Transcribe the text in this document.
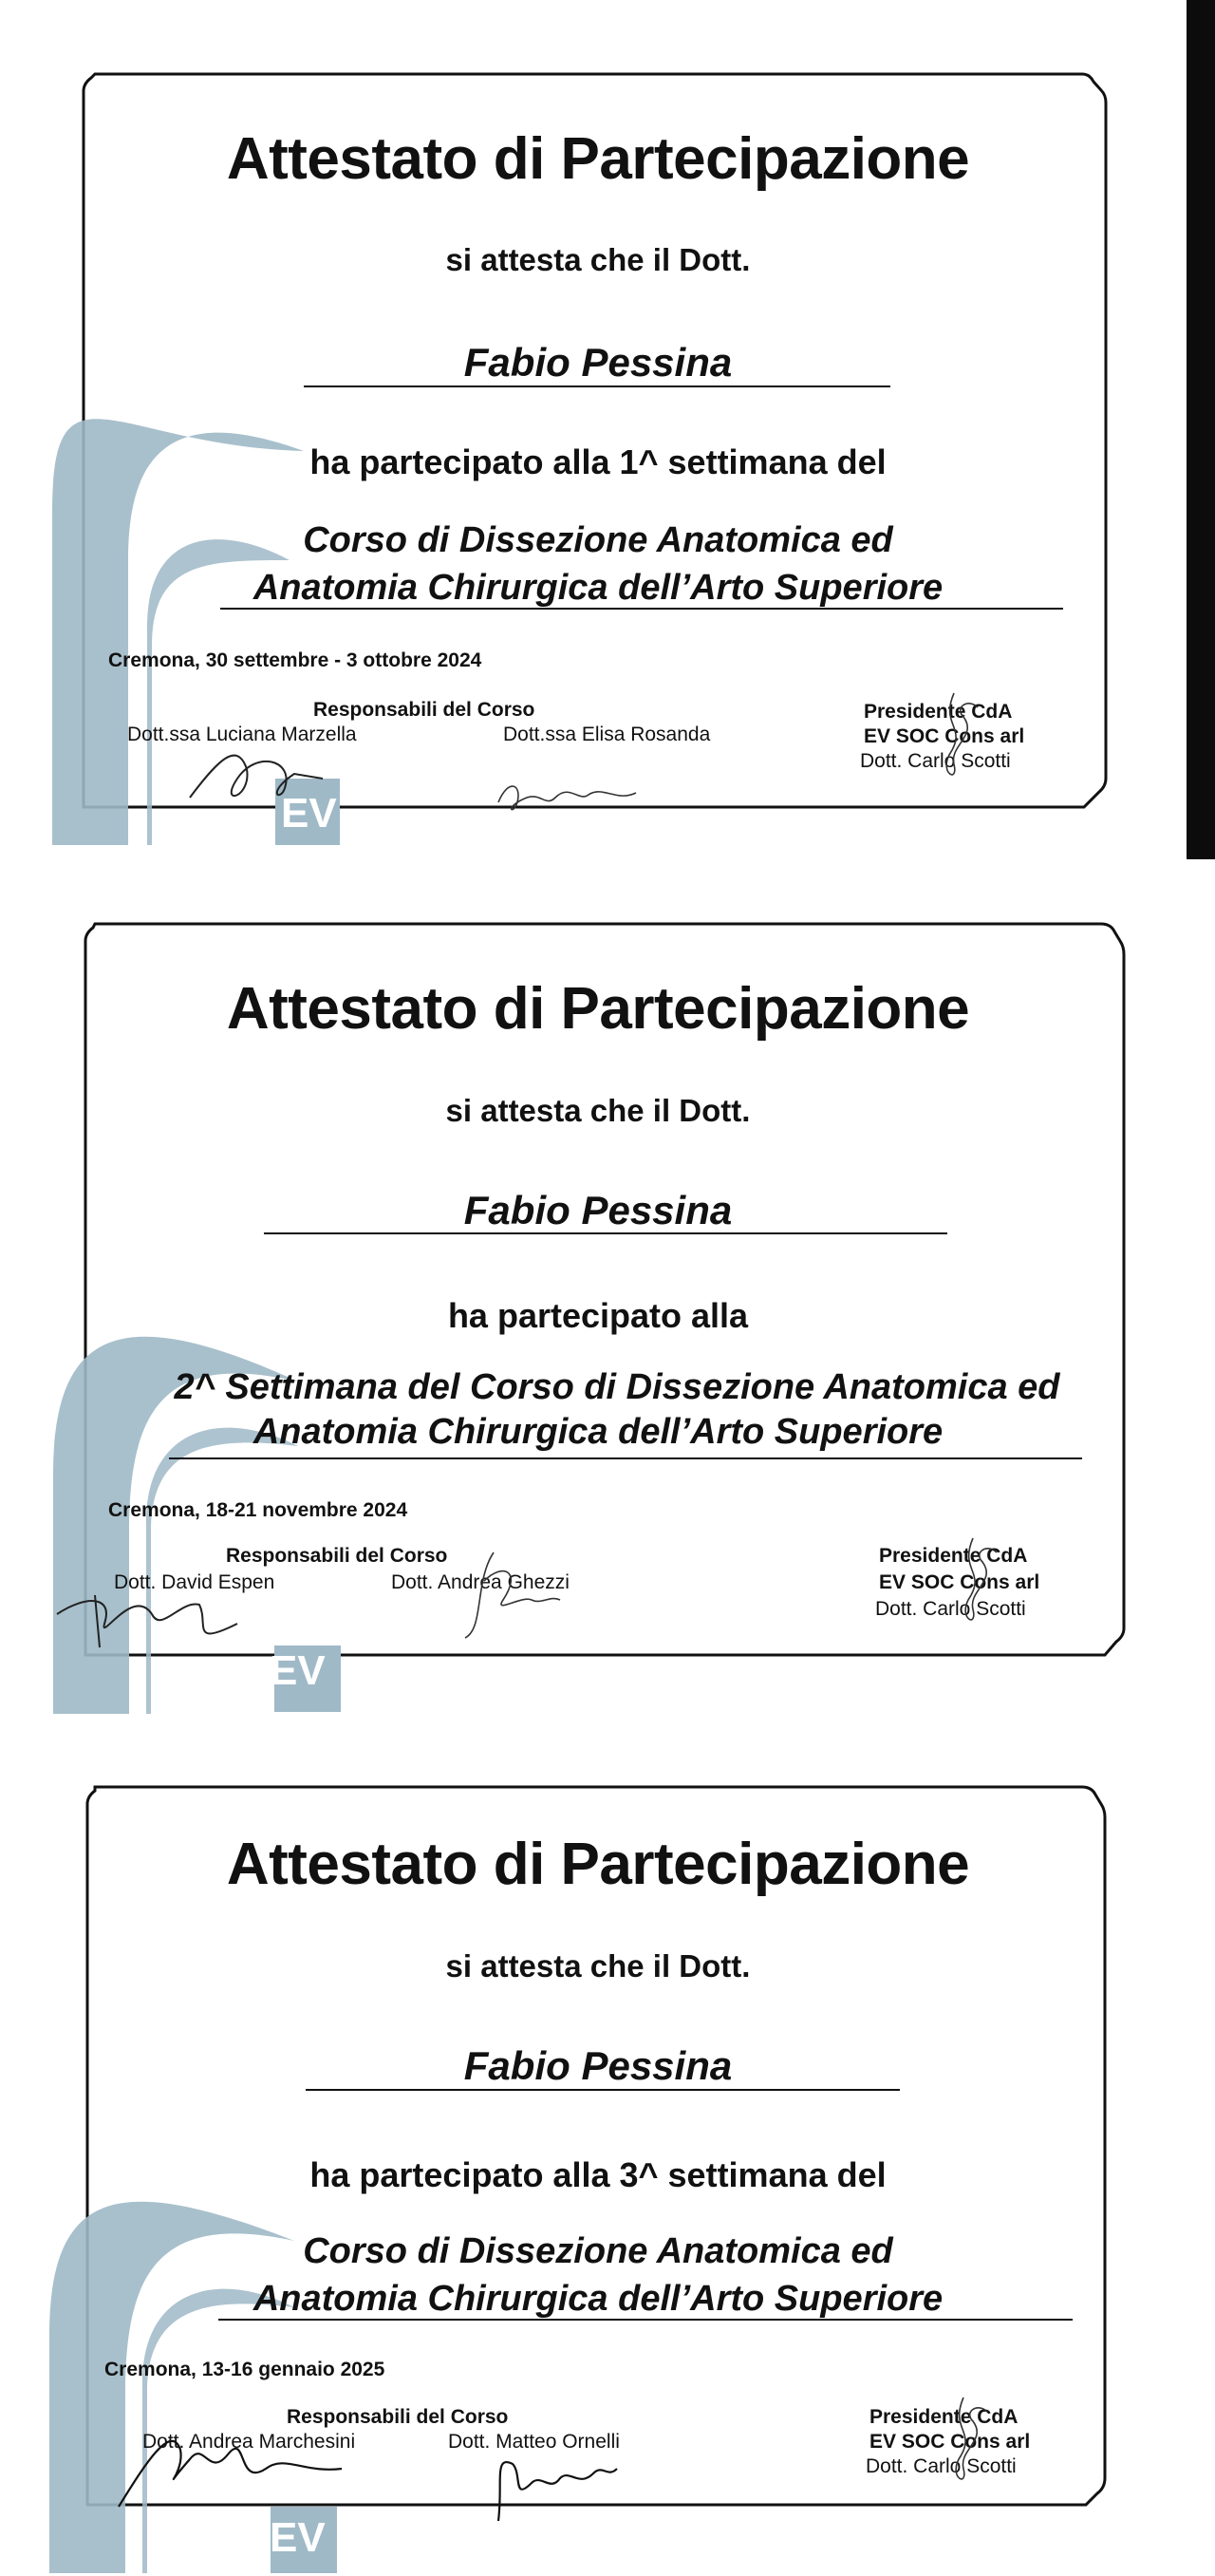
EV
Attestato di Partecipazione
si attesta che il Dott.
Fabio Pessina
ha partecipato alla 1^ settimana del
Corso di Dissezione Anatomica ed
Anatomia Chirurgica dell’Arto Superiore
Cremona, 30 settembre - 3 ottobre 2024
Responsabili del Corso
Dott.ssa Luciana Marzella	Dott.ssa Elisa Rosanda
Presidente CdA
EV SOC Cons arl
Dott. Carlo Scotti
EV
Attestato di Partecipazione
si attesta che il Dott.
Fabio Pessina
ha partecipato alla
2^ Settimana del Corso di Dissezione Anatomica ed
Anatomia Chirurgica dell’Arto Superiore
Cremona, 18-21 novembre 2024
Responsabili del Corso
Dott. David Espen	Dott. Andrea Ghezzi
Presidente CdA
EV SOC Cons arl
Dott. Carlo Scotti
EV
Attestato di Partecipazione
si attesta che il Dott.
Fabio Pessina
ha partecipato alla 3^ settimana del
Corso di Dissezione Anatomica ed
Anatomia Chirurgica dell’Arto Superiore
Cremona, 13-16 gennaio 2025
Responsabili del Corso
Dott. Andrea Marchesini	Dott. Matteo Ornelli
Presidente CdA
EV SOC Cons arl
Dott. Carlo Scotti
